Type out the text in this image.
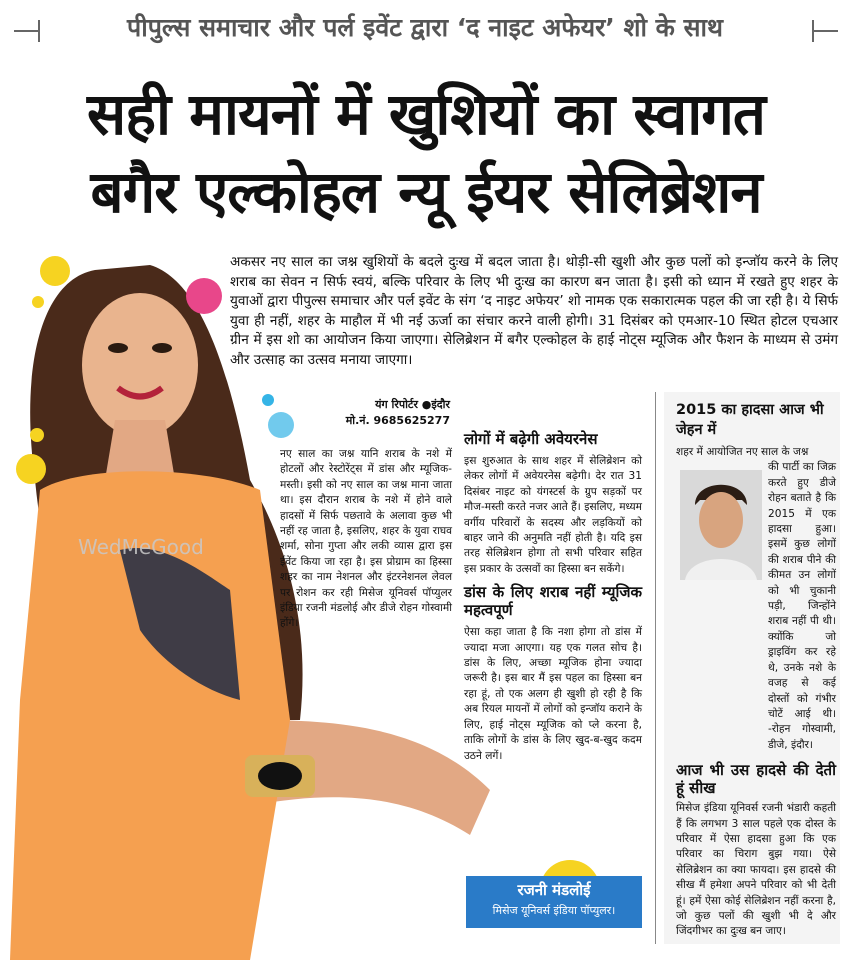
पीपुल्स समाचार और पर्ल इवेंट द्वारा ‘द नाइट अफेयर’ शो के साथ
सही मायनों में खुशियों का स्वागत
बगैर एल्कोहल न्यू ईयर सेलिब्रेशन
WedMeGood
अकसर नए साल का जश्न खुशियों के बदले दुःख में बदल जाता है। थोड़ी-सी खुशी और कुछ पलों को इन्जॉय करने के लिए शराब का सेवन न सिर्फ स्वयं, बल्कि परिवार के लिए भी दुःख का कारण बन जाता है। इसी को ध्यान में रखते हुए शहर के युवाओं द्वारा पीपुल्स समाचार और पर्ल इवेंट के संग ‘द नाइट अफेयर’ शो नामक एक सकारात्मक पहल की जा रही है। ये सिर्फ युवा ही नहीं, शहर के माहौल में भी नई ऊर्जा का संचार करने वाली होगी। 31 दिसंबर को एमआर-10 स्थित होटल एचआर ग्रीन में इस शो का आयोजन किया जाएगा। सेलिब्रेशन में बगैर एल्कोहल के हाई नोट्स म्यूजिक और फैशन के माध्यम से उमंग और उत्साह का उत्सव मनाया जाएगा।
यंग रिपोर्टर ●इंदौर
मो.नं. 9685625277
नए साल का जश्न यानि शराब के नशे में होटलों और रेस्टोरेंट्स में डांस और म्यूजिक-मस्ती। इसी को नए साल का जश्न माना जाता था। इस दौरान शराब के नशे में होने वाले हादसों में सिर्फ पछतावे के अलावा कुछ भी नहीं रह जाता है, इसलिए, शहर के युवा राघव शर्मा, सोना गुप्ता और लकी व्यास द्वारा इस ईवेंट किया जा रहा है। इस प्रोग्राम का हिस्सा शहर का नाम नेशनल और इंटरनेशनल लेवल पर रोशन कर रही मिसेज यूनिवर्स पॉप्युलर इंडिया रजनी मंडलोई और डीजे रोहन गोस्वामी होंगे।
लोगों में बढ़ेगी अवेयरनेस
इस शुरुआत के साथ शहर में सेलिब्रेशन को लेकर लोगों में अवेयरनेस बढ़ेगी। देर रात 31 दिसंबर नाइट को यंगस्टर्स के ग्रुप सड़कों पर मौज-मस्ती करते नजर आते हैं। इसलिए, मध्यम वर्गीय परिवारों के सदस्य और लड़कियों को बाहर जाने की अनुमति नहीं होती है। यदि इस तरह सेलिब्रेशन होगा तो सभी परिवार सहित इस प्रकार के उत्सवों का हिस्सा बन सकेंगे।
डांस के लिए शराब नहीं म्यूजिक महत्वपूर्ण
ऐसा कहा जाता है कि नशा होगा तो डांस में ज्यादा मजा आएगा। यह एक गलत सोच है। डांस के लिए, अच्छा म्यूजिक होना ज्यादा जरूरी है। इस बार मैं इस पहल का हिस्सा बन रहा हूं, तो एक अलग ही खुशी हो रही है कि अब रियल मायनों में लोगों को इन्जॉय कराने के लिए, हाई नोट्स म्यूजिक को प्ले करना है, ताकि लोगों के डांस के लिए खुद-ब-खुद कदम उठने लगें।
रजनी मंडलोई
मिसेज यूनिवर्स इंडिया पॉप्युलर।
2015 का हादसा आज भी जेहन में
शहर में आयोजित नए साल के जश्न
की पार्टी का जिक्र करते हुए डीजे रोहन बताते है कि 2015 में एक हादसा हुआ। इसमें कुछ लोगों की शराब पीने की कीमत उन लोगों को भी चुकानी पड़ी, जिन्होंने शराब नहीं पी थी। क्योंकि जो ड्राइविंग कर रहे थे, उनके नशे के वजह से कई दोस्तों को गंभीर चोटें आई थी। -रोहन गोस्वामी, डीजे, इंदौर।
आज भी उस हादसे की देती हूं सीख
मिसेज इंडिया यूनिवर्स रजनी भंडारी कहती हैं कि लगभग 3 साल पहले एक दोस्त के परिवार में ऐसा हादसा हुआ कि एक परिवार का चिराग बुझ गया। ऐसे सेलिब्रेशन का क्या फायदा। इस हादसे की सीख मैं हमेशा अपने परिवार को भी देती हूं। हमें ऐसा कोई सेलिब्रेशन नहीं करना है, जो कुछ पलों की खुशी भी दे और जिंदगीभर का दुःख बन जाए।
